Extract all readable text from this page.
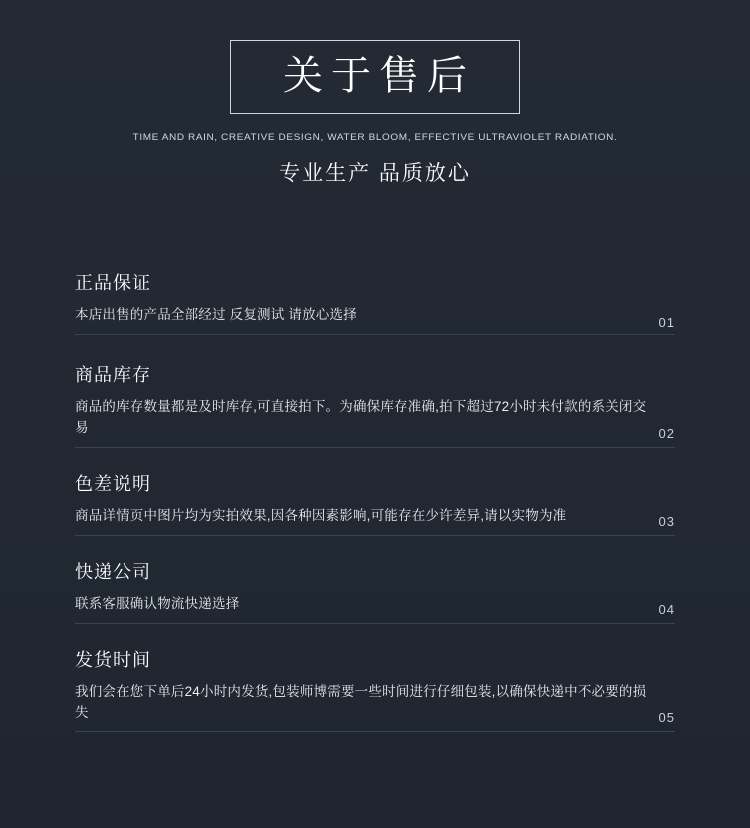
关于售后
TIME AND RAIN, CREATIVE DESIGN, WATER BLOOM, EFFECTIVE ULTRAVIOLET RADIATION.
专业生产 品质放心
正品保证
本店出售的产品全部经过 反复测试 请放心选择
01
商品库存
商品的库存数量都是及时库存,可直接拍下。为确保库存准确,拍下超过72小时未付款的系关闭交易	02
色差说明
商品详情页中图片均为实拍效果,因各种因素影响,可能存在少许差异,请以实物为准	03
快递公司
联系客服确认物流快递选择	04
发货时间
我们会在您下单后24小时内发货,包装师博需要一些时间进行仔细包装,以确保快递中不必要的损失	05
